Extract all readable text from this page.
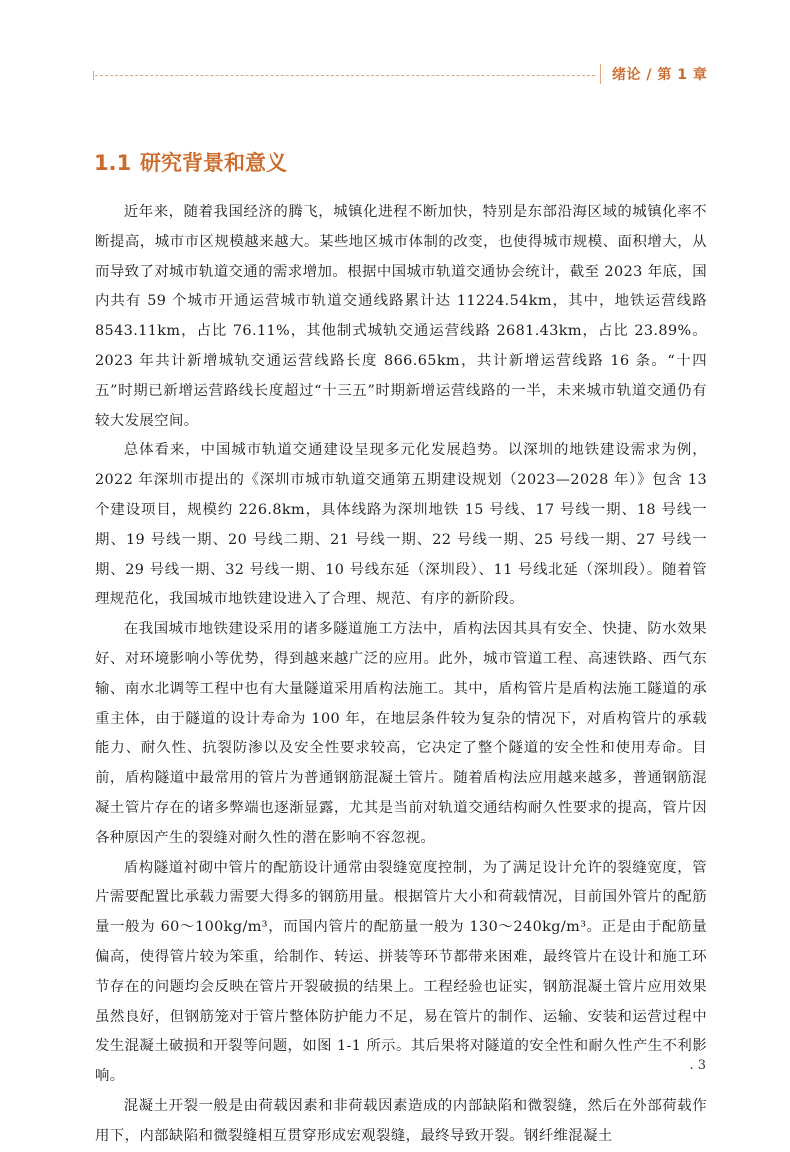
绪论 / 第 1 章
1.1 研究背景和意义

近年来，随着我国经济的腾飞，城镇化进程不断加快，特别是东部沿海区域的城镇化率不断提高，城市市区规模越来越大。某些地区城市体制的改变，也使得城市规模、面积增大，从而导致了对城市轨道交通的需求增加。根据中国城市轨道交通协会统计，截至 2023 年底，国内共有 59 个城市开通运营城市轨道交通线路累计达 11224.54km，其中，地铁运营线路 8543.11km，占比 76.11%，其他制式城轨交通运营线路 2681.43km，占比 23.89%。2023 年共计新增城轨交通运营线路长度 866.65km，共计新增运营线路 16 条。“十四五”时期已新增运营路线长度超过“十三五”时期新增运营线路的一半，未来城市轨道交通仍有较大发展空间。

总体看来，中国城市轨道交通建设呈现多元化发展趋势。以深圳的地铁建设需求为例，2022 年深圳市提出的《深圳市城市轨道交通第五期建设规划（2023—2028 年）》包含 13 个建设项目，规模约 226.8km，具体线路为深圳地铁 15 号线、17 号线一期、18 号线一期、19 号线一期、20 号线二期、21 号线一期、22 号线一期、25 号线一期、27 号线一期、29 号线一期、32 号线一期、10 号线东延（深圳段）、11 号线北延（深圳段）。随着管理规范化，我国城市地铁建设进入了合理、规范、有序的新阶段。

在我国城市地铁建设采用的诸多隧道施工方法中，盾构法因其具有安全、快捷、防水效果好、对环境影响小等优势，得到越来越广泛的应用。此外，城市管道工程、高速铁路、西气东输、南水北调等工程中也有大量隧道采用盾构法施工。其中，盾构管片是盾构法施工隧道的承重主体，由于隧道的设计寿命为 100 年，在地层条件较为复杂的情况下，对盾构管片的承载能力、耐久性、抗裂防渗以及安全性要求较高，它决定了整个隧道的安全性和使用寿命。目前，盾构隧道中最常用的管片为普通钢筋混凝土管片。随着盾构法应用越来越多，普通钢筋混凝土管片存在的诸多弊端也逐渐显露，尤其是当前对轨道交通结构耐久性要求的提高，管片因各种原因产生的裂缝对耐久性的潜在影响不容忽视。

盾构隧道衬砌中管片的配筋设计通常由裂缝宽度控制，为了满足设计允许的裂缝宽度，管片需要配置比承载力需要大得多的钢筋用量。根据管片大小和荷载情况，目前国外管片的配筋量一般为 60～100kg/m³，而国内管片的配筋量一般为 130～240kg/m³。正是由于配筋量偏高，使得管片较为笨重，给制作、转运、拼装等环节都带来困难，最终管片在设计和施工环节存在的问题均会反映在管片开裂破损的结果上。工程经验也证实，钢筋混凝土管片应用效果虽然良好，但钢筋笼对于管片整体防护能力不足，易在管片的制作、运输、安装和运营过程中发生混凝土破损和开裂等问题，如图 1-1 所示。其后果将对隧道的安全性和耐久性产生不利影响。

混凝土开裂一般是由荷载因素和非荷载因素造成的内部缺陷和微裂缝，然后在外部荷载作用下，内部缺陷和微裂缝相互贯穿形成宏观裂缝，最终导致开裂。钢纤维混凝土

. 3
